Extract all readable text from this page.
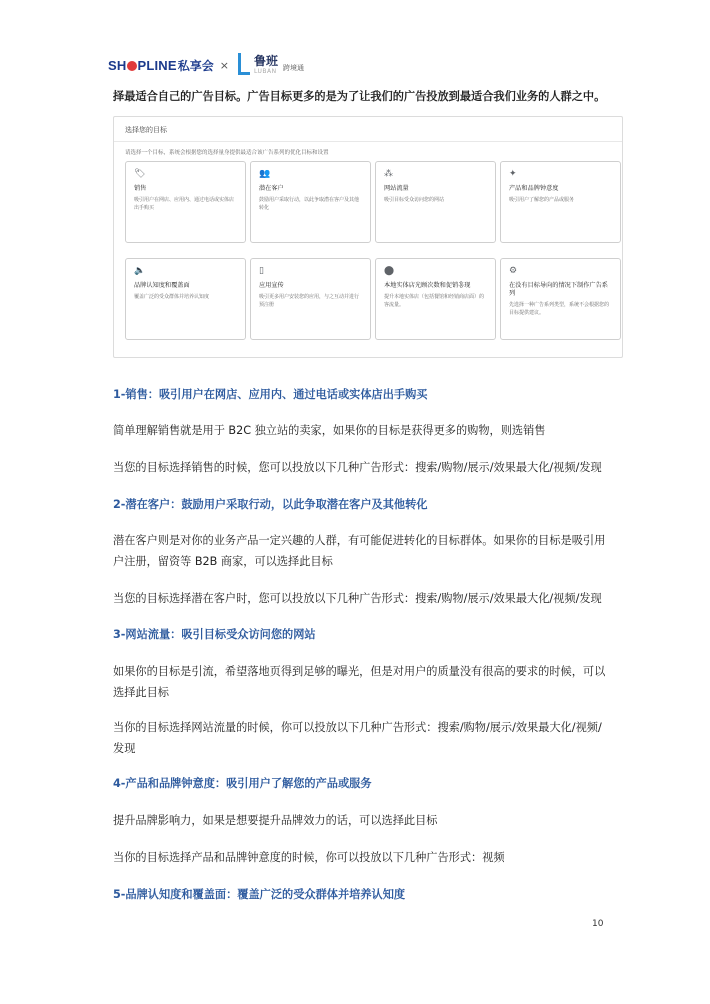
SH PLINE 私享会 × 鲁班
LUBAN 跨境通
择最适合自己的广告目标。广告目标更多的是为了让我们的广告投放到最适合我们业务的人群之中。
选择您的目标
请选择一个目标，系统会根据您的选择量身提供最适合该广告系列的优化目标和设置
🏷
销售
吸引用户在网店、应用内、通过电话或实体店出手购买
👥
潜在客户
鼓励用户采取行动，以此争取潜在客户及其他转化
⁂
网站流量
吸引目标受众访问您的网站
✦
产品和品牌钟意度
吸引用户了解您的产品或服务
🔈
品牌认知度和覆盖面
覆盖广泛的受众群体并培养认知度
▯
应用宣传
吸引更多用户安装您的应用，与之互动并进行预注册
⬤
本地实体店光顾次数和促销흥现
提升本地实体店（包括餐馆和经销商店面）的客流量。
⚙
在没有目标导向的情况下制作广告系列
先选择一种广告系列类型，系统不会根据您的目标提供建议。
1-销售：吸引用户在网店、应用内、通过电话或实体店出手购买
简单理解销售就是用于 B2C 独立站的卖家，如果你的目标是获得更多的购物，则选销售
当您的目标选择销售的时候，您可以投放以下几种广告形式：搜索/购物/展示/效果最大化/视频/发现
2-潜在客户：鼓励用户采取行动，以此争取潜在客户及其他转化
潜在客户则是对你的业务产品一定兴趣的人群，有可能促进转化的目标群体。如果你的目标是吸引用户注册，留资等 B2B 商家，可以选择此目标
当您的目标选择潜在客户时，您可以投放以下几种广告形式：搜索/购物/展示/效果最大化/视频/发现
3-网站流量：吸引目标受众访问您的网站
如果你的目标是引流，希望落地页得到足够的曝光，但是对用户的质量没有很高的要求的时候，可以选择此目标
当你的目标选择网站流量的时候，你可以投放以下几种广告形式：搜索/购物/展示/效果最大化/视频/发现
4-产品和品牌钟意度：吸引用户了解您的产品或服务
提升品牌影响力，如果是想要提升品牌效力的话，可以选择此目标
当你的目标选择产品和品牌钟意度的时候，你可以投放以下几种广告形式：视频
5-品牌认知度和覆盖面：覆盖广泛的受众群体并培养认知度
10
